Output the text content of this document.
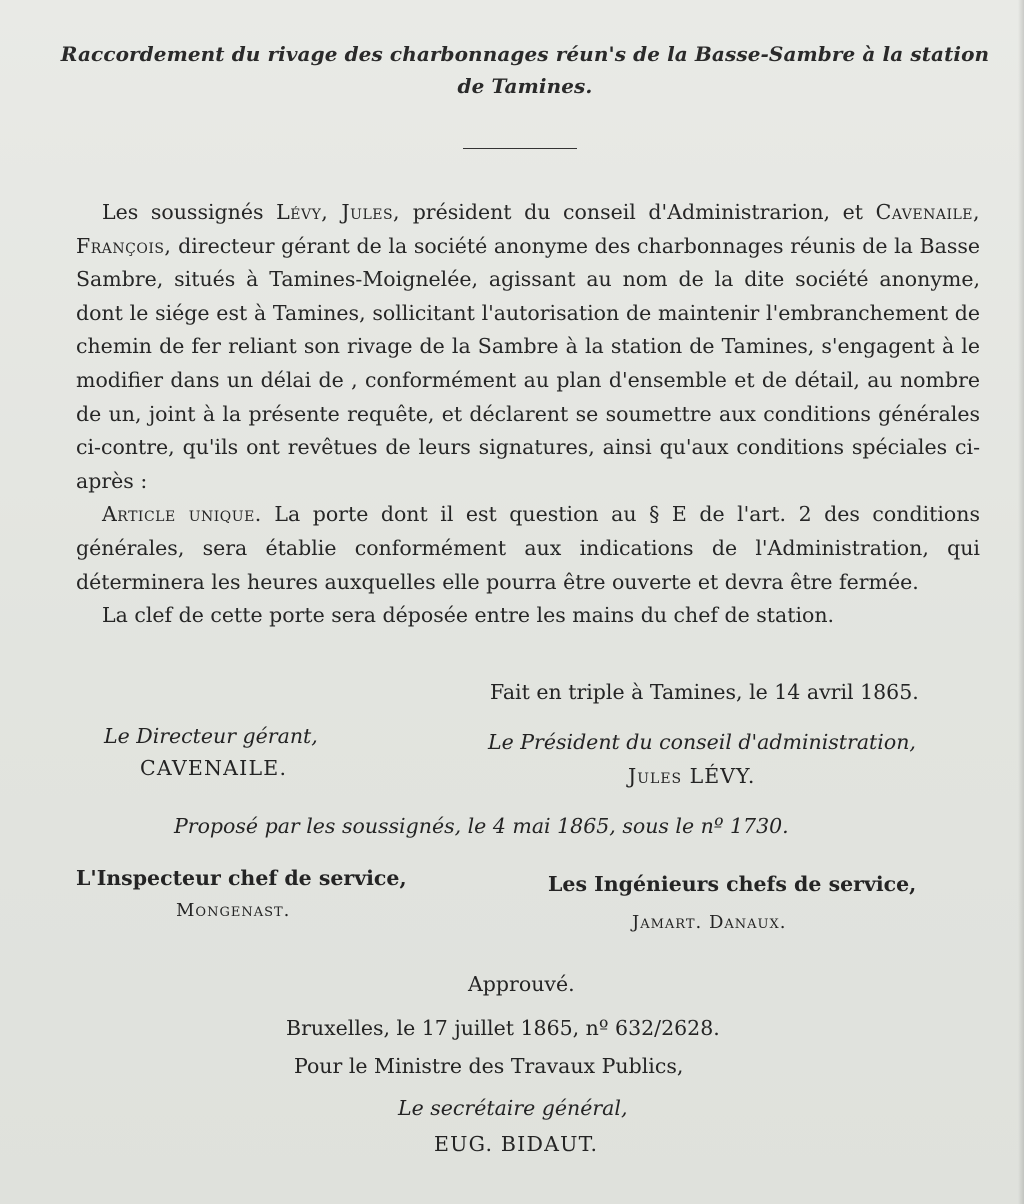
Raccordement du rivage des charbonnages réun's de la Basse-Sambre à la station de Tamines.

Les soussignés Lévy, Jules, président du conseil d'Administrarion, et Cavenaile, François, directeur gérant de la société anonyme des charbonnages réunis de la Basse Sambre, situés à Tamines-Moignelée, agissant au nom de la dite société anonyme, dont le siége est à Tamines, sollicitant l'autorisation de maintenir l'embranchement de chemin de fer reliant son rivage de la Sambre à la station de Tamines, s'engagent à le modifier dans un délai de , conformément au plan d'ensemble et de détail, au nombre de un, joint à la présente requête, et déclarent se soumettre aux conditions générales ci-contre, qu'ils ont revêtues de leurs signatures, ainsi qu'aux conditions spéciales ci-après :

Article unique. La porte dont il est question au § E de l'art. 2 des conditions générales, sera établie conformément aux indications de l'Administration, qui déterminera les heures auxquelles elle pourra être ouverte et devra être fermée.

La clef de cette porte sera déposée entre les mains du chef de station.

Fait en triple à Tamines, le 14 avril 1865.
Le Directeur gérant,
CAVENAILE.
Le Président du conseil d'administration,
Jules LÉVY.
Proposé par les soussignés, le 4 mai 1865, sous le nº 1730.
L'Inspecteur chef de service,
Mongenast.
Les Ingénieurs chefs de service,
Jamart. Danaux.
Approuvé.
Bruxelles, le 17 juillet 1865, nº 632/2628.
Pour le Ministre des Travaux Publics,
Le secrétaire général,
EUG. BIDAUT.
